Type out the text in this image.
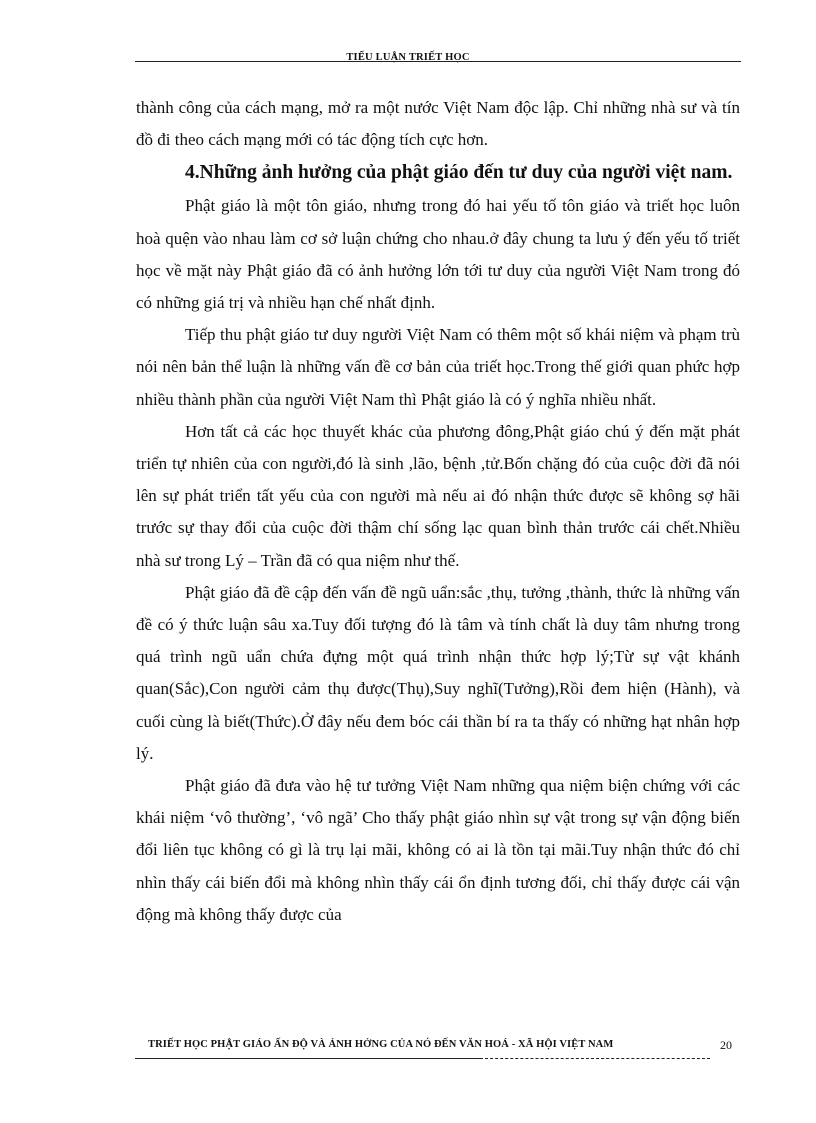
TIỂU LUẬN TRIẾT HỌC

thành công của cách mạng, mở ra một nước Việt Nam độc lập. Chỉ những nhà sư và tín đồ đi theo cách mạng mới có tác động tích cực hơn.

4.Những ảnh hưởng của phật giáo đến tư duy của người việt nam.

Phật giáo là một tôn giáo, nhưng trong đó hai yếu tố tôn giáo và triết học luôn hoà quện vào nhau làm cơ sở luận chứng cho nhau.ở đây chung ta lưu ý đến yếu tố triết học về mặt này Phật giáo đã có ảnh hưởng lớn tới tư duy của người Việt Nam trong đó có những giá trị và nhiều hạn chế nhất định.

Tiếp thu phật giáo tư duy người Việt Nam có thêm một số khái niệm và phạm trù nói nên bản thể luận là những vấn đề cơ bản của triết học.Trong thế giới quan phức hợp nhiều thành phần của người Việt Nam thì Phật giáo là có ý nghĩa nhiều nhất.

Hơn tất cả các học thuyết khác của phương đông,Phật giáo chú ý đến mặt phát triển tự nhiên của con người,đó là sinh ,lão, bệnh ,tử.Bốn chặng đó của cuộc đời đã nói lên sự phát triển tất yếu của con người mà nếu ai đó nhận thức được sẽ không sợ hãi trước sự thay đổi của cuộc đời thậm chí sống lạc quan bình thản trước cái chết.Nhiều nhà sư trong Lý – Trần đã có qua niệm như thế.

Phật giáo đã đề cập đến vấn đề ngũ uẩn:sắc ,thụ, tưởng ,thành, thức là những vấn đề có ý thức luận sâu xa.Tuy đối tượng đó là tâm và tính chất là duy tâm nhưng trong quá trình ngũ uẩn chứa đựng một quá trình nhận thức hợp lý;Từ sự vật khánh quan(Sắc),Con người cảm thụ được(Thụ),Suy nghĩ(Tưởng),Rồi đem hiện (Hành), và cuối cùng là biết(Thức).Ở đây nếu đem bóc cái thần bí ra ta thấy có những hạt nhân hợp lý.

Phật giáo đã đưa vào hệ tư tưởng Việt Nam những qua niệm biện chứng với các khái niệm ‘vô thường’, ‘vô ngã’ Cho thấy phật giáo nhìn sự vật trong sự vận động biến đổi liên tục không có gì là trụ lại mãi, không có ai là tồn tại mãi.Tuy nhận thức đó chỉ nhìn thấy cái biến đổi mà không nhìn thấy cái ổn định tương đối, chỉ thấy được cái vận động mà không thấy được của

TRIẾT HỌC PHẬT GIÁO ẤN ĐỘ VÀ ẢNH HỞNG CỦA NÓ ĐẾN VĂN HOÁ - XÃ HỘI VIỆT NAM	20
